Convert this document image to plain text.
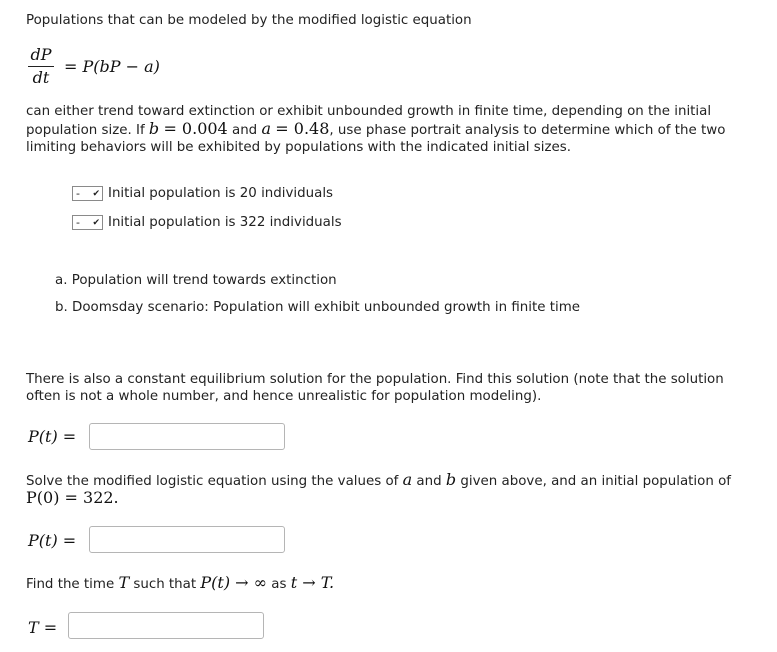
Populations that can be modeled by the modified logistic equation
dP
dt
= P(bP − a)
can either trend toward extinction or exhibit unbounded growth in finite time, depending on the initial
population size. If b = 0.004 and a = 0.48, use phase portrait analysis to determine which of the two
limiting behaviors will be exhibited by populations with the indicated initial sizes.
- ✔ Initial population is 20 individuals
- ✔ Initial population is 322 individuals
a. Population will trend towards extinction
b. Doomsday scenario: Population will exhibit unbounded growth in finite time
There is also a constant equilibrium solution for the population. Find this solution (note that the solution
often is not a whole number, and hence unrealistic for population modeling).
P(t) =
Solve the modified logistic equation using the values of a and b given above, and an initial population of
P(0) = 322.
P(t) =
Find the time T such that P(t) → ∞ as t → T.
T =
